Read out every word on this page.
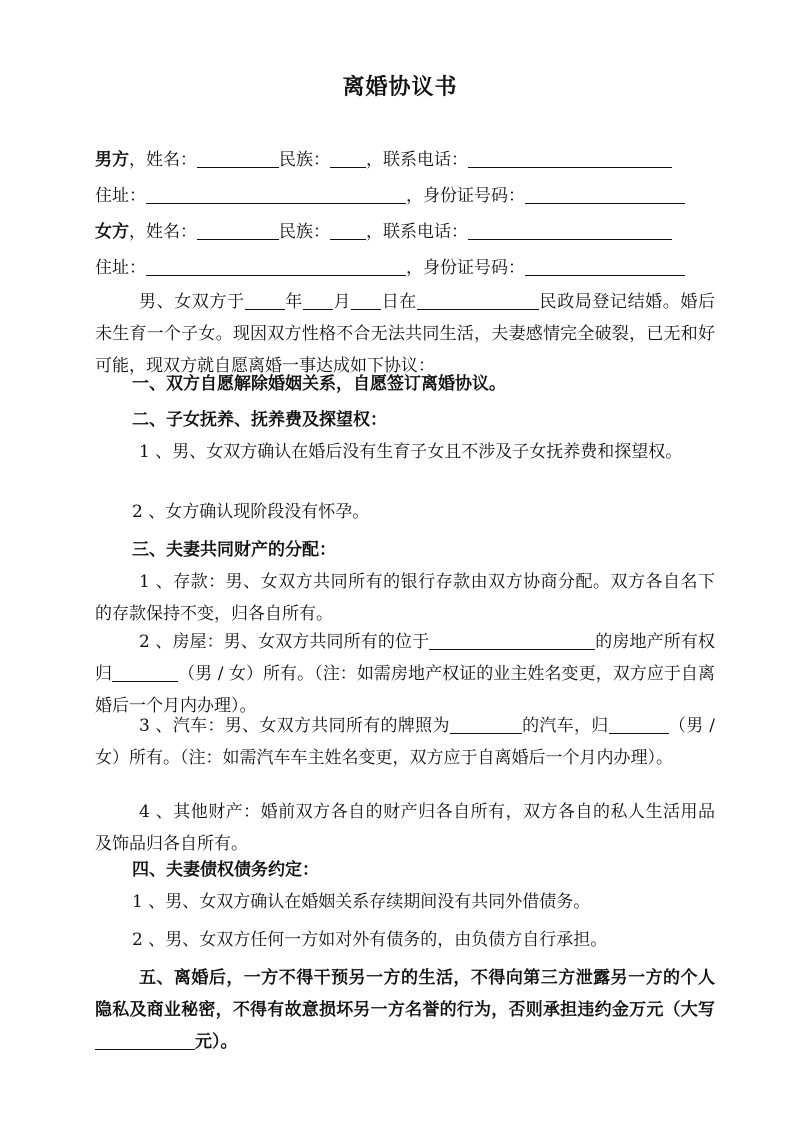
离婚协议书
男方，姓名：	民族： ，联系电话：
住址：	，身份证号码：
女方，姓名：	民族： ，联系电话：
住址：	，身份证号码：
男、女双方于 年 月 日在	民政局登记结婚。婚后未生育一个子女。现因双方性格不合无法共同生活，夫妻感情完全破裂，已无和好可能，现双方就自愿离婚一事达成如下协议：
一、双方自愿解除婚姻关系，自愿签订离婚协议。
二、子女抚养、抚养费及探望权：
1 、男、女双方确认在婚后没有生育子女且不涉及子女抚养费和探望权。
2 、女方确认现阶段没有怀孕。
三、夫妻共同财产的分配：
1 、存款：男、女双方共同所有的银行存款由双方协商分配。双方各自名下的存款保持不变，归各自所有。
2 、房屋：男、女双方共同所有的位于	的房地产所有权归	（男 / 女）所有。（注：如需房地产权证的业主姓名变更，双方应于自离婚后一个月内办理）。
3 、汽车：男、女双方共同所有的牌照为	的汽车，归	（男 / 女）所有。（注：如需汽车车主姓名变更，双方应于自离婚后一个月内办理）。
4 、其他财产：婚前双方各自的财产归各自所有，双方各自的私人生活用品及饰品归各自所有。
四、夫妻债权债务约定：
1 、男、女双方确认在婚姻关系存续期间没有共同外借债务。
2 、男、女双方任何一方如对外有债务的，由负债方自行承担。
五、离婚后，一方不得干预另一方的生活，不得向第三方泄露另一方的个人隐私及商业秘密，不得有故意损坏另一方名誉的行为，否则承担违约金万元（大写元）。
